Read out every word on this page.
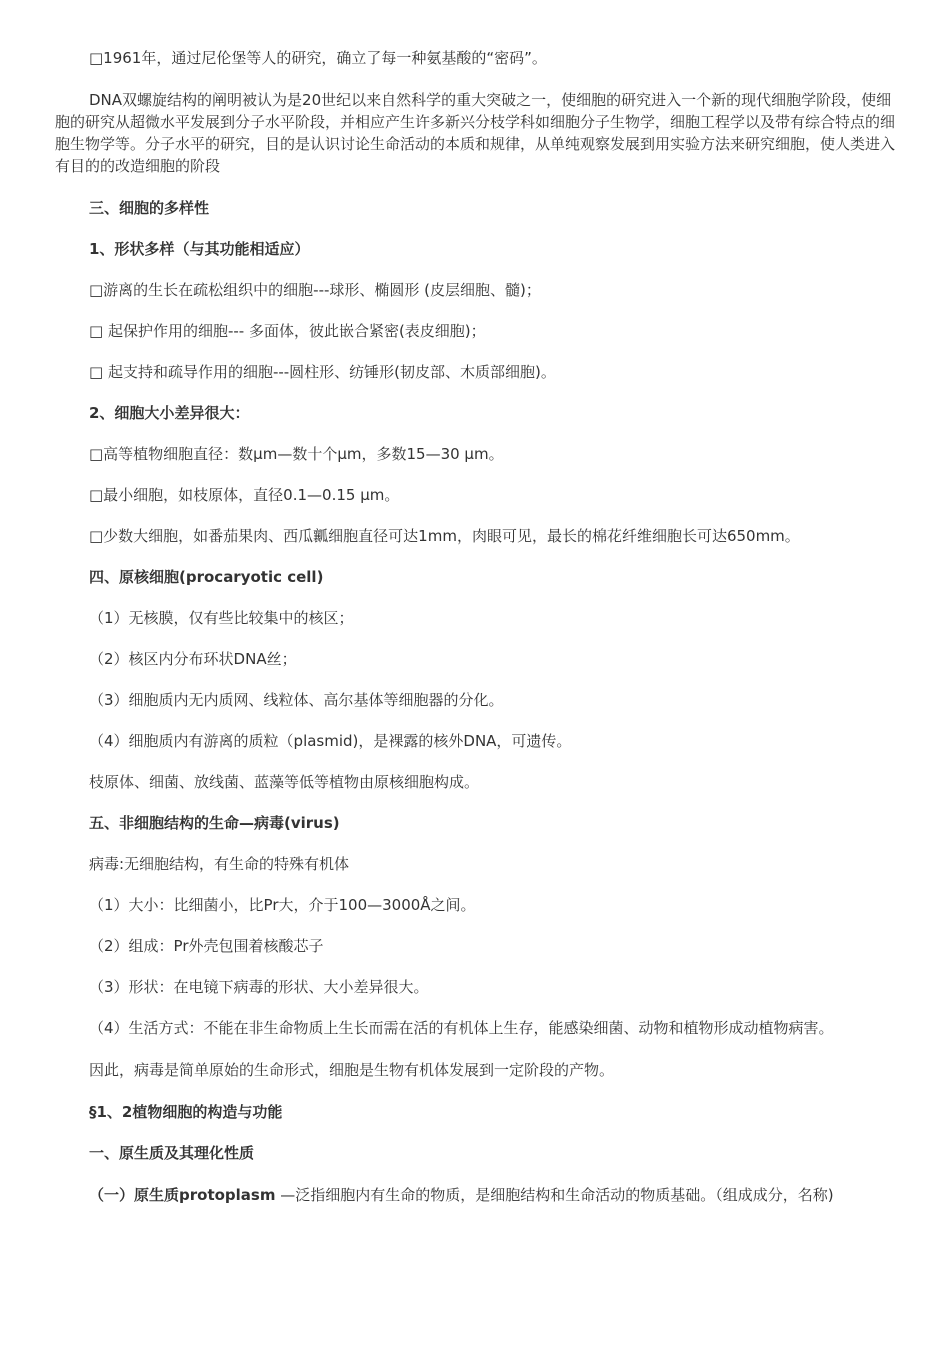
□1961年，通过尼伦堡等人的研究，确立了每一种氨基酸的“密码”。

DNA双螺旋结构的阐明被认为是20世纪以来自然科学的重大突破之一，使细胞的研究进入一个新的现代细胞学阶段，使细胞的研究从超微水平发展到分子水平阶段，并相应产生许多新兴分枝学科如细胞分子生物学，细胞工程学以及带有综合特点的细胞生物学等。分子水平的研究，目的是认识讨论生命活动的本质和规律，从单纯观察发展到用实验方法来研究细胞，使人类进入有目的的改造细胞的阶段

三、细胞的多样性

1、形状多样（与其功能相适应）

□游离的生长在疏松组织中的细胞---球形、椭圆形 (皮层细胞、髓)；

□ 起保护作用的细胞--- 多面体，彼此嵌合紧密(表皮细胞)；

□ 起支持和疏导作用的细胞---圆柱形、纺锤形(韧皮部、木质部细胞)。

2、细胞大小差异很大：

□高等植物细胞直径：数μm—数十个μm，多数15—30 μm。

□最小细胞，如枝原体，直径0.1—0.15 μm。

□少数大细胞，如番茄果肉、西瓜瓤细胞直径可达1mm，肉眼可见，最长的棉花纤维细胞长可达650mm。

四、原核细胞(procaryotic cell)

（1）无核膜，仅有些比较集中的核区；

（2）核区内分布环状DNA丝；

（3）细胞质内无内质网、线粒体、高尔基体等细胞器的分化。

（4）细胞质内有游离的质粒（plasmid)，是裸露的核外DNA，可遗传。

枝原体、细菌、放线菌、蓝藻等低等植物由原核细胞构成。

五、非细胞结构的生命—病毒(virus)

病毒:无细胞结构，有生命的特殊有机体

（1）大小：比细菌小，比Pr大，介于100—3000Å之间。

（2）组成：Pr外壳包围着核酸芯子

（3）形状：在电镜下病毒的形状、大小差异很大。

（4）生活方式：不能在非生命物质上生长而需在活的有机体上生存，能感染细菌、动物和植物形成动植物病害。

因此，病毒是简单原始的生命形式，细胞是生物有机体发展到一定阶段的产物。

§1、2植物细胞的构造与功能

一、原生质及其理化性质

（一）原生质protoplasm —泛指细胞内有生命的物质，是细胞结构和生命活动的物质基础。（组成成分，名称)
